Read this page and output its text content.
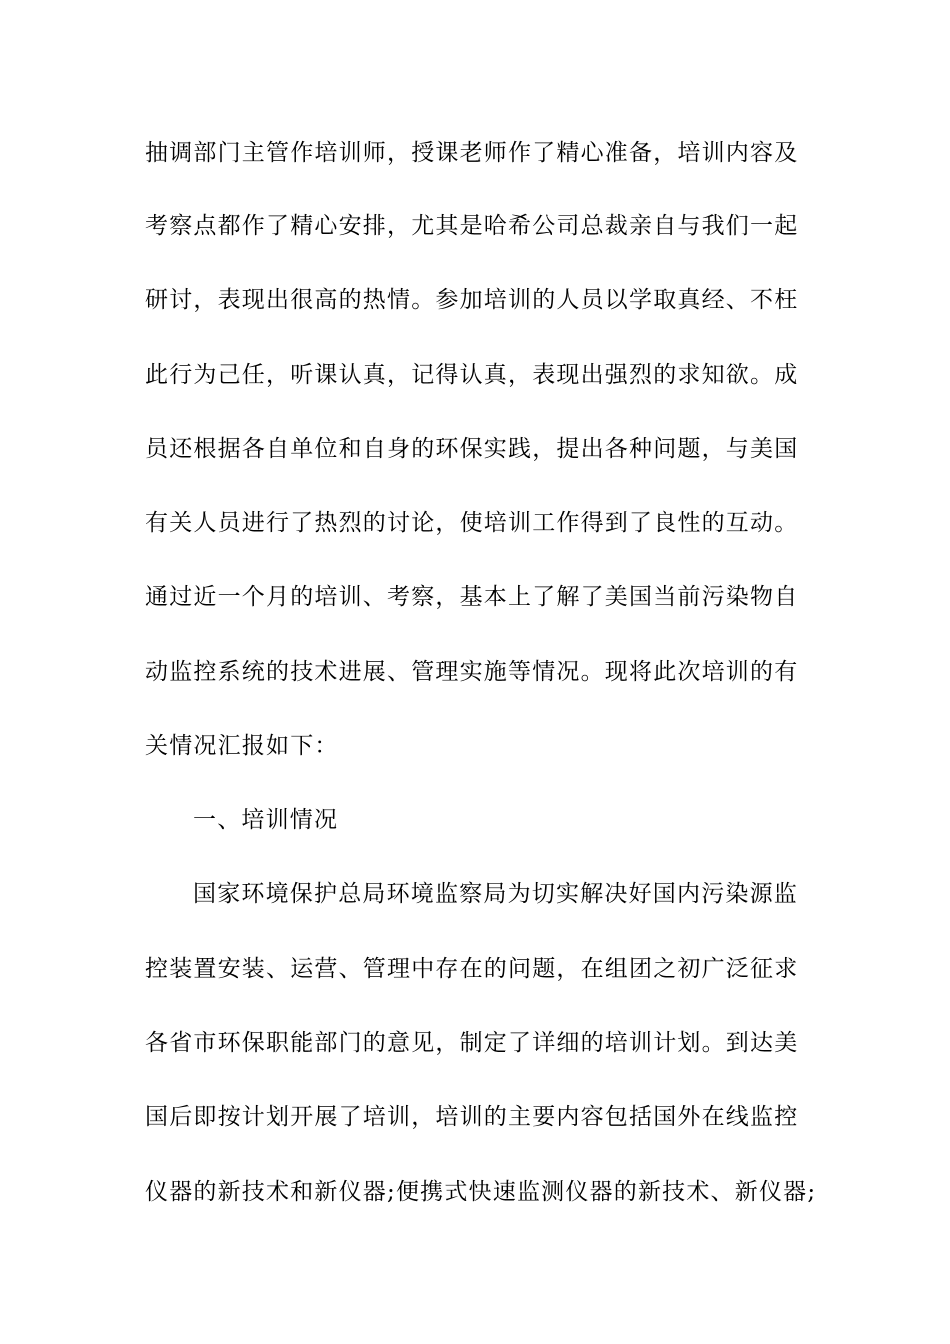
抽调部门主管作培训师，授课老师作了精心准备，培训内容及
考察点都作了精心安排，尤其是哈希公司总裁亲自与我们一起
研讨，表现出很高的热情。参加培训的人员以学取真经、不枉
此行为己任，听课认真，记得认真，表现出强烈的求知欲。成
员还根据各自单位和自身的环保实践，提出各种问题，与美国
有关人员进行了热烈的讨论，使培训工作得到了良性的互动。
通过近一个月的培训、考察，基本上了解了美国当前污染物自
动监控系统的技术进展、管理实施等情况。现将此次培训的有
关情况汇报如下：
一、培训情况
国家环境保护总局环境监察局为切实解决好国内污染源监
控装置安装、运营、管理中存在的问题，在组团之初广泛征求
各省市环保职能部门的意见，制定了详细的培训计划。到达美
国后即按计划开展了培训，培训的主要内容包括国外在线监控
仪器的新技术和新仪器;便携式快速监测仪器的新技术、新仪器;
